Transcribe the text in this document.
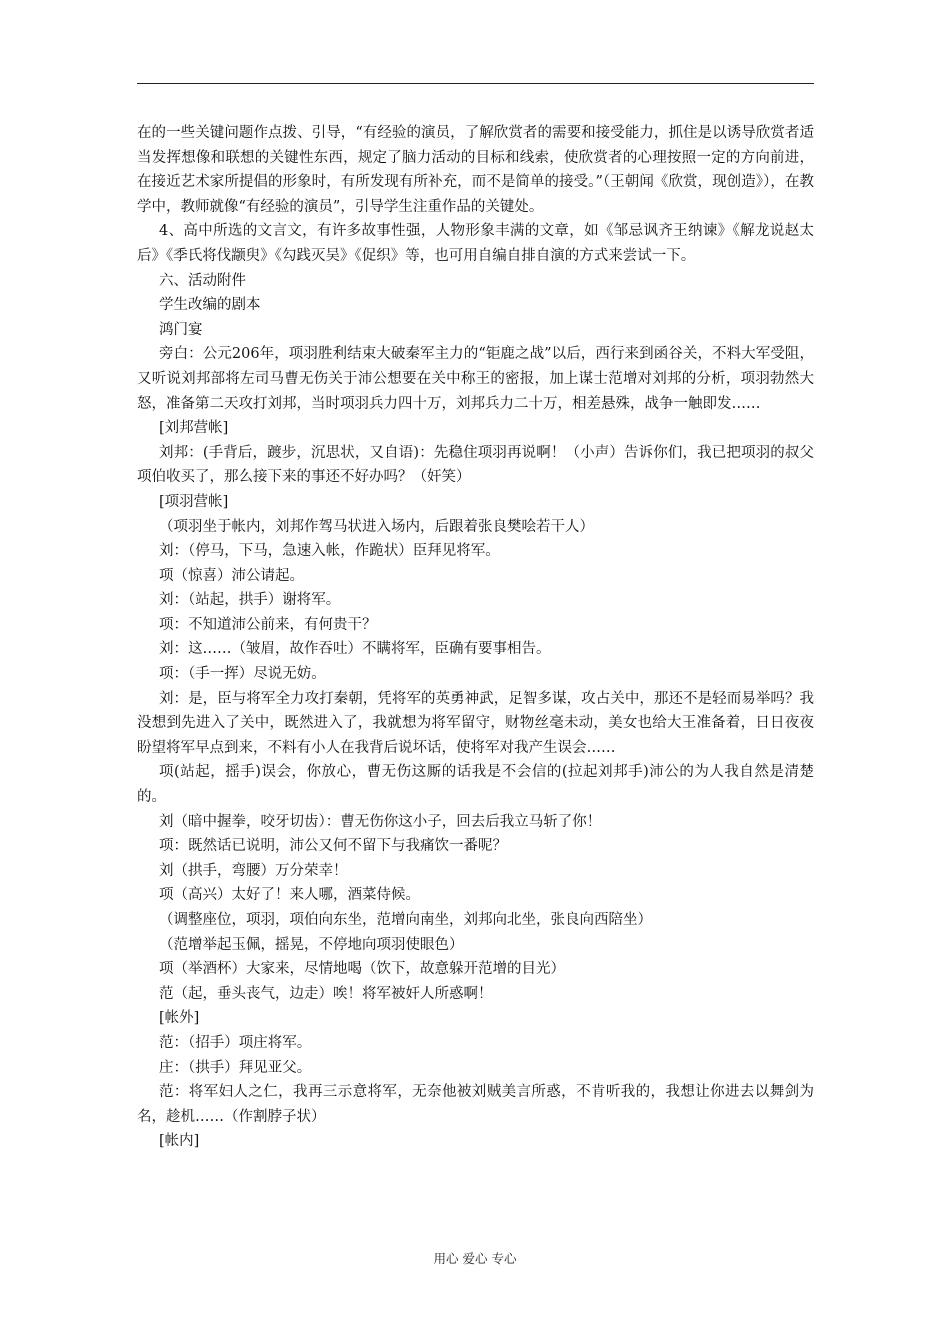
在的一些关键问题作点拨、引导，“有经验的演员，了解欣赏者的需要和接受能力，抓住是以诱导欣赏者适当发挥想像和联想的关键性东西，规定了脑力活动的目标和线索，使欣赏者的心理按照一定的方向前进，在接近艺术家所提倡的形象时，有所发现有所补充，而不是简单的接受。”（王朝闻《欣赏，现创造》），在教学中，教师就像“有经验的演员”，引导学生注重作品的关键处。

4、高中所选的文言文，有许多故事性强，人物形象丰满的文章，如《邹忌讽齐王纳谏》《解龙说赵太后》《季氏将伐颛臾》《勾践灭吴》《促织》等，也可用自编自排自演的方式来尝试一下。

六、活动附件

学生改编的剧本

鸿门宴

旁白：公元206年，项羽胜利结束大破秦军主力的“钜鹿之战”以后，西行来到函谷关，不料大军受阻，又听说刘邦部将左司马曹无伤关于沛公想要在关中称王的密报，加上谋士范增对刘邦的分析，项羽勃然大怒，准备第二天攻打刘邦，当时项羽兵力四十万，刘邦兵力二十万，相差悬殊，战争一触即发……

[刘邦营帐]

刘邦：(手背后，踱步，沉思状，又自语)：先稳住项羽再说啊！（小声）告诉你们，我已把项羽的叔父项伯收买了，那么接下来的事还不好办吗？（奸笑）

[项羽营帐]

（项羽坐于帐内，刘邦作驾马状进入场内，后跟着张良樊哙若干人）

刘：（停马，下马，急速入帐，作跪状）臣拜见将军。

项（惊喜）沛公请起。

刘：（站起，拱手）谢将军。

项：不知道沛公前来，有何贵干？

刘：这……（皱眉，故作吞吐）不瞒将军，臣确有要事相告。

项：（手一挥）尽说无妨。

刘：是，臣与将军全力攻打秦朝，凭将军的英勇神武，足智多谋，攻占关中，那还不是轻而易举吗？我没想到先进入了关中，既然进入了，我就想为将军留守，财物丝毫未动，美女也给大王准备着，日日夜夜盼望将军早点到来，不料有小人在我背后说坏话，使将军对我产生误会……

项(站起，摇手)误会，你放心，曹无伤这厮的话我是不会信的(拉起刘邦手)沛公的为人我自然是清楚的。

刘（暗中握拳，咬牙切齿）：曹无伤你这小子，回去后我立马斩了你！

项：既然话已说明，沛公又何不留下与我痛饮一番呢？

刘（拱手，弯腰）万分荣幸！

项（高兴）太好了！来人哪，酒菜侍候。

（调整座位，项羽，项伯向东坐，范增向南坐，刘邦向北坐，张良向西陪坐）

（范增举起玉佩，摇晃，不停地向项羽使眼色）

项（举酒杯）大家来，尽情地喝（饮下，故意躲开范增的目光）

范（起，垂头丧气，边走）唉！将军被奸人所惑啊！

[帐外]

范：（招手）项庄将军。

庄：（拱手）拜见亚父。

范：将军妇人之仁，我再三示意将军，无奈他被刘贼美言所惑，不肯听我的，我想让你进去以舞剑为名，趁机……（作割脖子状）

[帐内]

用心 爱心 专心
